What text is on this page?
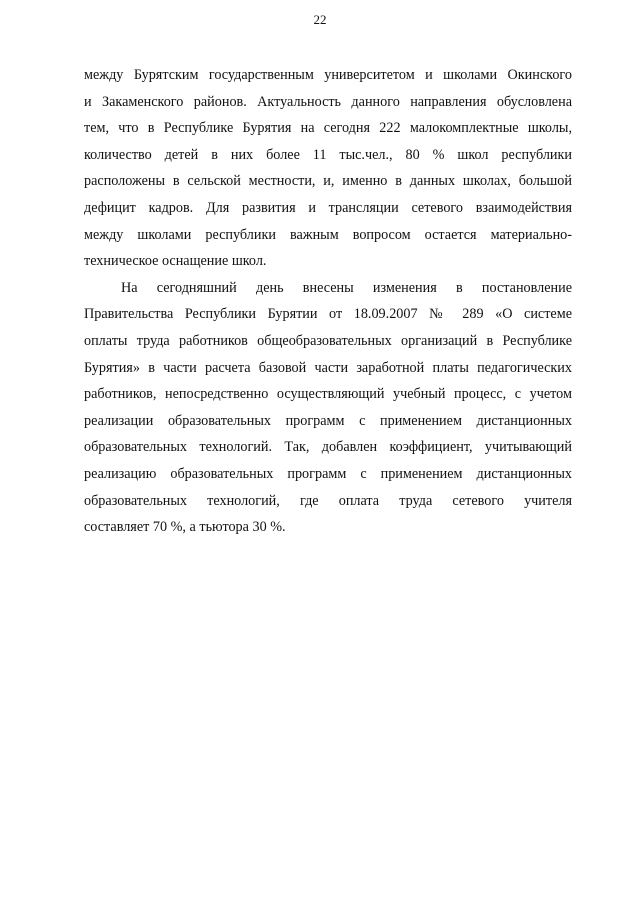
22
между Бурятским государственным университетом и школами Окинского
и Закаменского районов. Актуальность данного направления обусловлена
тем, что в Республике Бурятия на сегодня 222 малокомплектные школы,
количество детей в них более 11 тыс.чел., 80 % школ республики
расположены в сельской местности, и, именно в данных школах, большой
дефицит кадров. Для развития и трансляции сетевого взаимодействия
между школами республики важным вопросом остается материально-
техническое оснащение школ.
На сегодняшний день внесены изменения в постановление
Правительства Республики Бурятии от 18.09.2007 № 289 «О системе
оплаты труда работников общеобразовательных организаций в Республике
Бурятия» в части расчета базовой части заработной платы педагогических
работников, непосредственно осуществляющий учебный процесс, с учетом
реализации образовательных программ с применением дистанционных
образовательных технологий. Так, добавлен коэффициент, учитывающий
реализацию образовательных программ с применением дистанционных
образовательных технологий, где оплата труда сетевого учителя
составляет 70 %, а тьютора 30 %.
